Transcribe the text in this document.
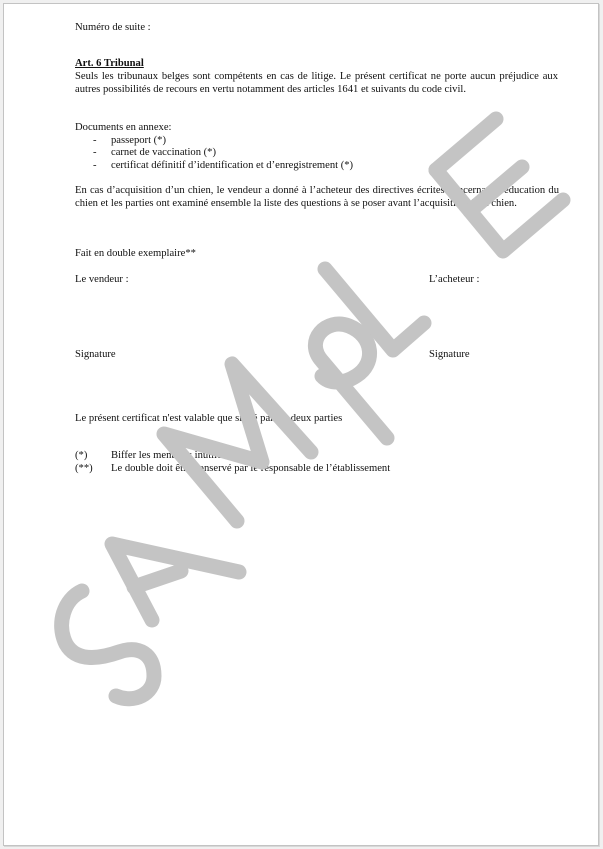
Numéro de suite :
Art. 6 Tribunal
Seuls les tribunaux belges sont compétents en cas de litige. Le présent certificat ne porte aucun préjudice aux autres possibilités de recours en vertu notamment des articles 1641 et suivants du code civil.
Documents en annexe:
- passeport (*)
- carnet de vaccination (*)
- certificat définitif d’identification et d’enregistrement (*)
En cas d’acquisition d’un chien, le vendeur a donné à l’acheteur des directives écrites concernant l’éducation du chien et les parties ont examiné ensemble la liste des questions à se poser avant l’acquisition d’un chien.
Fait en double exemplaire**
Le vendeur :	L’acheteur :
Signature	Signature
Le présent certificat n'est valable que signé par les deux parties
(*) Biffer les mentions inutiles
(**) Le double doit être conservé par le responsable de l’établissement
